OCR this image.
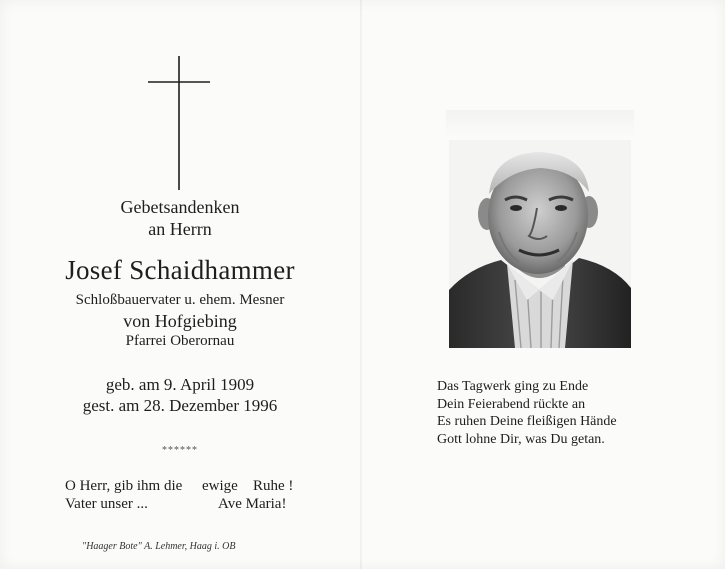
Gebetsandenken
an Herrn
Josef Schaidhammer
Schloßbauervater u. ehem. Mesner
von Hofgiebing
Pfarrei Oberornau
geb. am 9. April 1909
gest. am 28. Dezember 1996
******
O Herr, gib ihm die ewige Ruhe !
Vater unser ...	Ave Maria!
"Haager Bote" A. Lehmer, Haag i. OB
Das Tagwerk ging zu Ende
Dein Feierabend rückte an
Es ruhen Deine fleißigen Hände
Gott lohne Dir, was Du getan.
